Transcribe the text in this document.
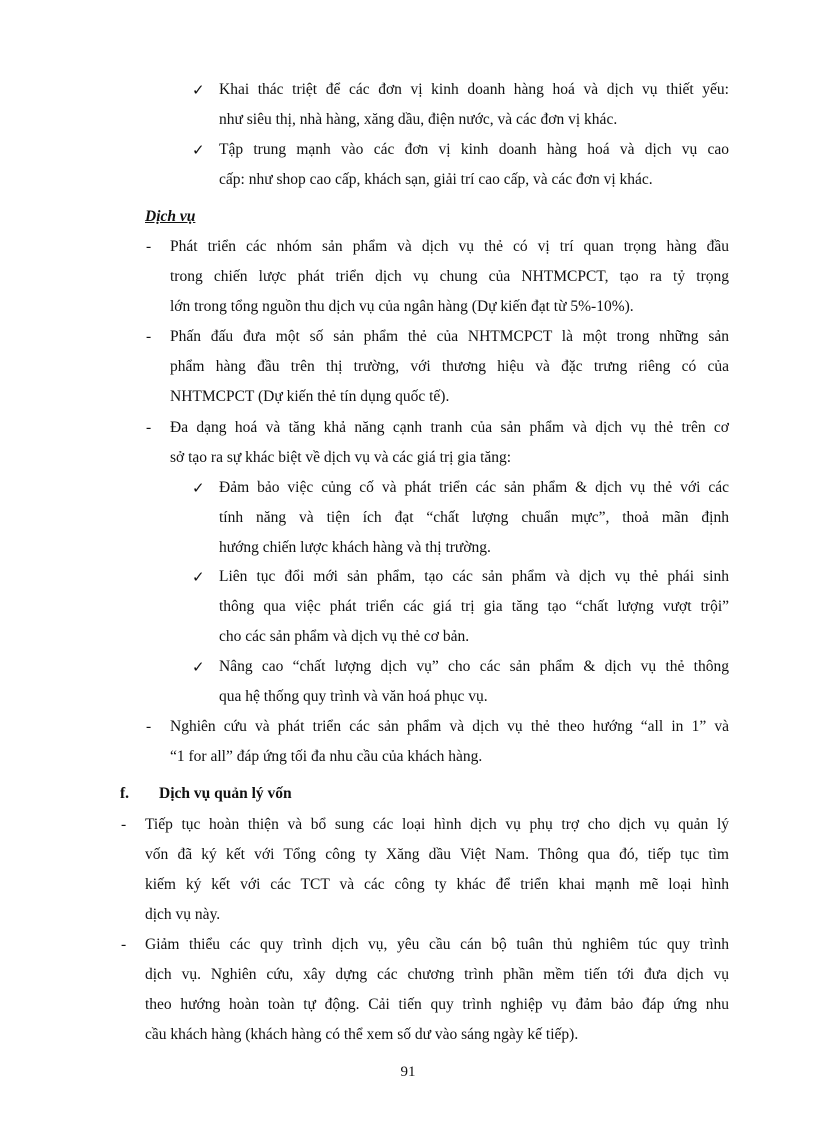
✓ Khai thác triệt để các đơn vị kinh doanh hàng hoá và dịch vụ thiết yếu:
như siêu thị, nhà hàng, xăng dầu, điện nước, và các đơn vị khác.
✓ Tập trung mạnh vào các đơn vị kinh doanh hàng hoá và dịch vụ cao
cấp: như shop cao cấp, khách sạn, giải trí cao cấp, và các đơn vị khác.
Dịch vụ
- Phát triển các nhóm sản phẩm và dịch vụ thẻ có vị trí quan trọng hàng đầu
trong chiến lược phát triển dịch vụ chung của NHTMCPCT, tạo ra tỷ trọng
lớn trong tổng nguồn thu dịch vụ của ngân hàng (Dự kiến đạt từ 5%-10%).
- Phấn đấu đưa một số sản phẩm thẻ của NHTMCPCT là một trong những sản
phẩm hàng đầu trên thị trường, với thương hiệu và đặc trưng riêng có của
NHTMCPCT (Dự kiến thẻ tín dụng quốc tế).
- Đa dạng hoá và tăng khả năng cạnh tranh của sản phẩm và dịch vụ thẻ trên cơ
sở tạo ra sự khác biệt về dịch vụ và các giá trị gia tăng:
✓ Đảm bảo việc củng cố và phát triển các sản phẩm & dịch vụ thẻ với các
tính năng và tiện ích đạt “chất lượng chuẩn mực”, thoả mãn định
hướng chiến lược khách hàng và thị trường.
✓ Liên tục đổi mới sản phẩm, tạo các sản phẩm và dịch vụ thẻ phái sinh
thông qua việc phát triển các giá trị gia tăng tạo “chất lượng vượt trội”
cho các sản phẩm và dịch vụ thẻ cơ bản.
✓ Nâng cao “chất lượng dịch vụ” cho các sản phẩm & dịch vụ thẻ thông
qua hệ thống quy trình và văn hoá phục vụ.
- Nghiên cứu và phát triển các sản phẩm và dịch vụ thẻ theo hướng “all in 1” và
“1 for all” đáp ứng tối đa nhu cầu của khách hàng.
f. Dịch vụ quản lý vốn
- Tiếp tục hoàn thiện và bổ sung các loại hình dịch vụ phụ trợ cho dịch vụ quản lý
vốn đã ký kết với Tổng công ty Xăng dầu Việt Nam. Thông qua đó, tiếp tục tìm
kiếm ký kết với các TCT và các công ty khác để triển khai mạnh mẽ loại hình
dịch vụ này.
- Giảm thiểu các quy trình dịch vụ, yêu cầu cán bộ tuân thủ nghiêm túc quy trình
dịch vụ. Nghiên cứu, xây dựng các chương trình phần mềm tiến tới đưa dịch vụ
theo hướng hoàn toàn tự động. Cải tiến quy trình nghiệp vụ đảm bảo đáp ứng nhu
cầu khách hàng (khách hàng có thể xem số dư vào sáng ngày kế tiếp).
91
